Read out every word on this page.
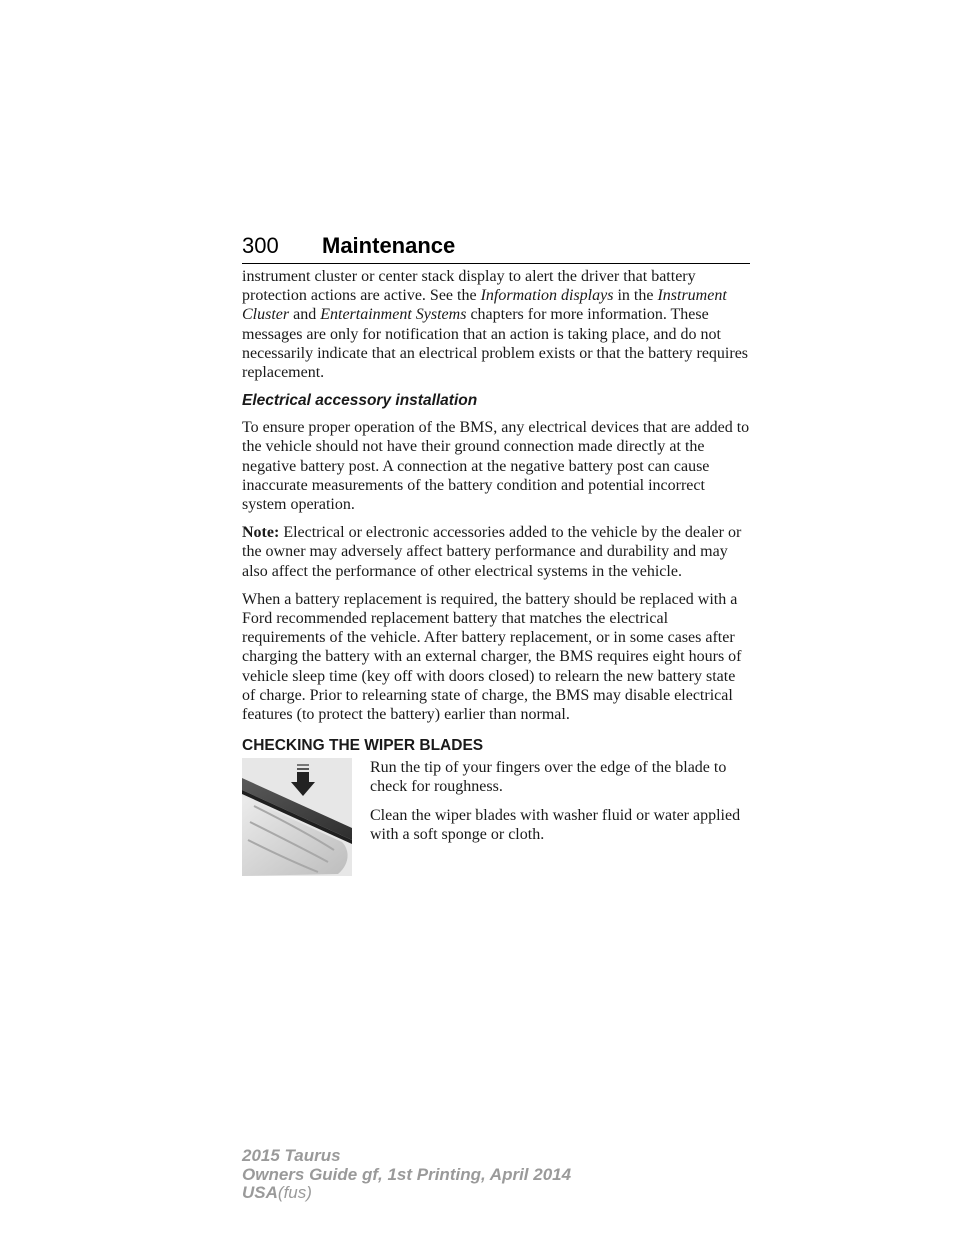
300 Maintenance

instrument cluster or center stack display to alert the driver that battery protection actions are active. See the Information displays in the Instrument Cluster and Entertainment Systems chapters for more information. These messages are only for notification that an action is taking place, and do not necessarily indicate that an electrical problem exists or that the battery requires replacement.

Electrical accessory installation

To ensure proper operation of the BMS, any electrical devices that are added to the vehicle should not have their ground connection made directly at the negative battery post. A connection at the negative battery post can cause inaccurate measurements of the battery condition and potential incorrect system operation.

Note: Electrical or electronic accessories added to the vehicle by the dealer or the owner may adversely affect battery performance and durability and may also affect the performance of other electrical systems in the vehicle.

When a battery replacement is required, the battery should be replaced with a Ford recommended replacement battery that matches the electrical requirements of the vehicle. After battery replacement, or in some cases after charging the battery with an external charger, the BMS requires eight hours of vehicle sleep time (key off with doors closed) to relearn the new battery state of charge. Prior to relearning state of charge, the BMS may disable electrical features (to protect the battery) earlier than normal.

CHECKING THE WIPER BLADES

Run the tip of your fingers over the edge of the blade to check for roughness.

Clean the wiper blades with washer fluid or water applied with a soft sponge or cloth.

2015 Taurus
Owners Guide gf, 1st Printing, April 2014
USA(fus)
